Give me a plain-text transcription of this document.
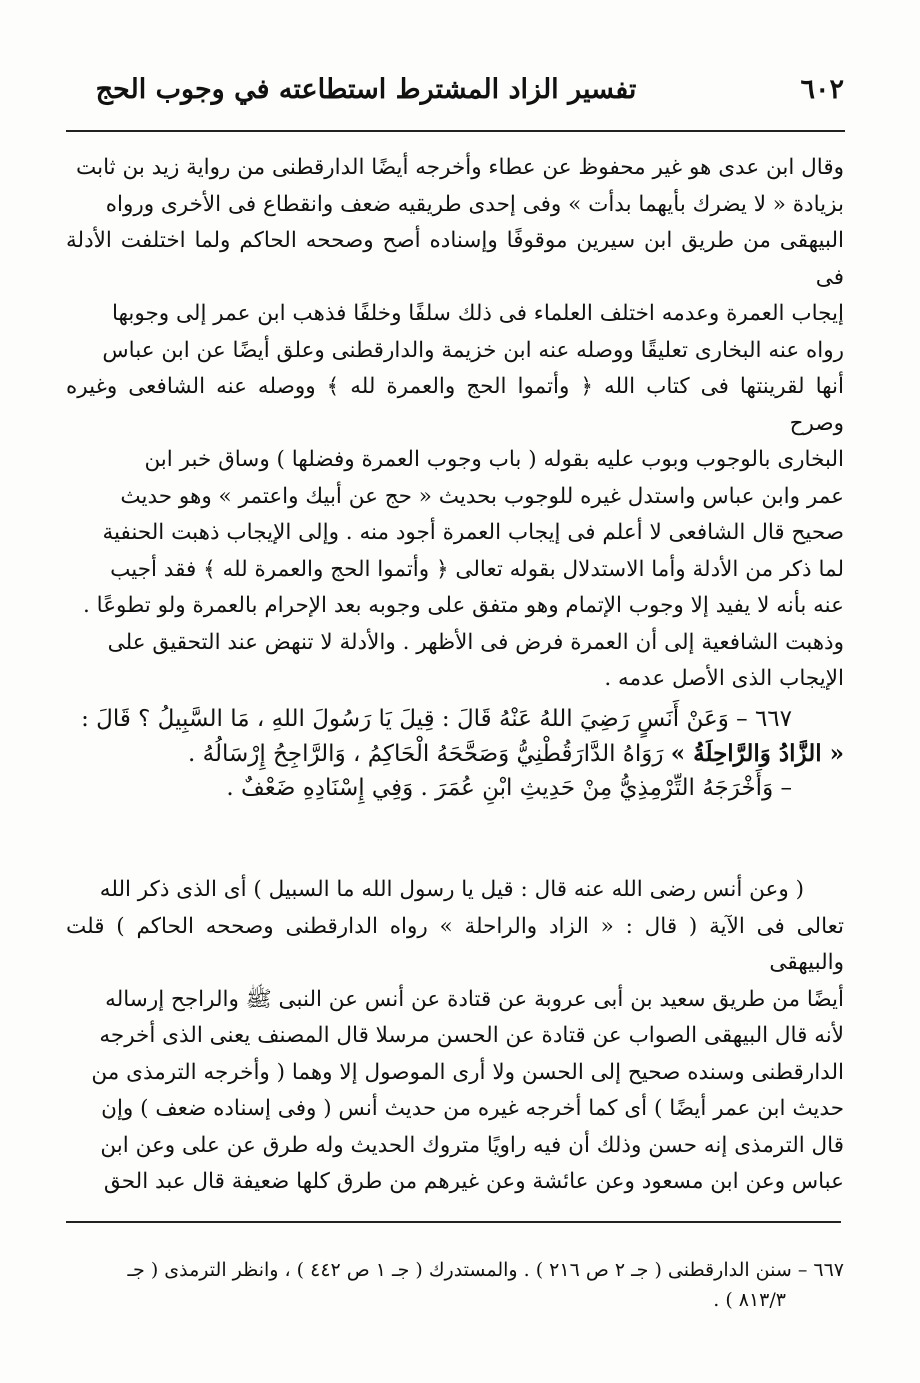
٦٠٢
تفسير الزاد المشترط استطاعته في وجوب الحج
وقال ابن عدى هو غير محفوظ عن عطاء وأخرجه أيضًا الدارقطنى من رواية زيد بن ثابت
بزيادة « لا يضرك بأيهما بدأت » وفى إحدى طريقيه ضعف وانقطاع فى الأخرى ورواه
البيهقى من طريق ابن سيرين موقوفًا وإسناده أصح وصححه الحاكم ولما اختلفت الأدلة فى
إيجاب العمرة وعدمه اختلف العلماء فى ذلك سلفًا وخلفًا فذهب ابن عمر إلى وجوبها
رواه عنه البخارى تعليقًا ووصله عنه ابن خزيمة والدارقطنى وعلق أيضًا عن ابن عباس
أنها لقرينتها فى كتاب الله ﴿ وأتموا الحج والعمرة لله ﴾ ووصله عنه الشافعى وغيره وصرح
البخارى بالوجوب وبوب عليه بقوله ( باب وجوب العمرة وفضلها ) وساق خبر ابن
عمر وابن عباس واستدل غيره للوجوب بحديث « حج عن أبيك واعتمر » وهو حديث
صحيح قال الشافعى لا أعلم فى إيجاب العمرة أجود منه . وإلى الإيجاب ذهبت الحنفية
لما ذكر من الأدلة وأما الاستدلال بقوله تعالى ﴿ وأتموا الحج والعمرة لله ﴾ فقد أجيب
عنه بأنه لا يفيد إلا وجوب الإتمام وهو متفق على وجوبه بعد الإحرام بالعمرة ولو تطوعًا .
وذهبت الشافعية إلى أن العمرة فرض فى الأظهر . والأدلة لا تنهض عند التحقيق على
الإيجاب الذى الأصل عدمه .

٦٦٧ – وَعَنْ أَنَسٍ رَضِيَ اللهُ عَنْهُ قَالَ : قِيلَ يَا رَسُولَ اللهِ ، مَا السَّبِيلُ ؟ قَالَ :

« الزَّادُ وَالرَّاحِلَةُ » رَوَاهُ الدَّارَقُطْنِيُّ وَصَحَّحَهُ الْحَاكِمُ ، وَالرَّاجِحُ إِرْسَالُهُ .

– وَأَخْرَجَهُ التِّرْمِذِيُّ مِنْ حَدِيثِ ابْنِ عُمَرَ . وَفِي إِسْنَادِهِ ضَعْفٌ .

( وعن أنس رضى الله عنه قال : قيل يا رسول الله ما السبيل ) أى الذى ذكر الله
تعالى فى الآية ( قال : « الزاد والراحلة » رواه الدارقطنى وصححه الحاكم ) قلت والبيهقى
أيضًا من طريق سعيد بن أبى عروبة عن قتادة عن أنس عن النبى ﷺ والراجح إرساله
لأنه قال البيهقى الصواب عن قتادة عن الحسن مرسلا قال المصنف يعنى الذى أخرجه
الدارقطنى وسنده صحيح إلى الحسن ولا أرى الموصول إلا وهما ( وأخرجه الترمذى من
حديث ابن عمر أيضًا ) أى كما أخرجه غيره من حديث أنس ( وفى إسناده ضعف ) وإن
قال الترمذى إنه حسن وذلك أن فيه راويًا متروك الحديث وله طرق عن على وعن ابن
عباس وعن ابن مسعود وعن عائشة وعن غيرهم من طرق كلها ضعيفة قال عبد الحق
٦٦٧ – سنن الدارقطنى ( جـ ٢ ص ٢١٦ ) . والمستدرك ( جـ ١ ص ٤٤٢ ) ، وانظر الترمذى ( جـ
٨١٣/٣ ) .
